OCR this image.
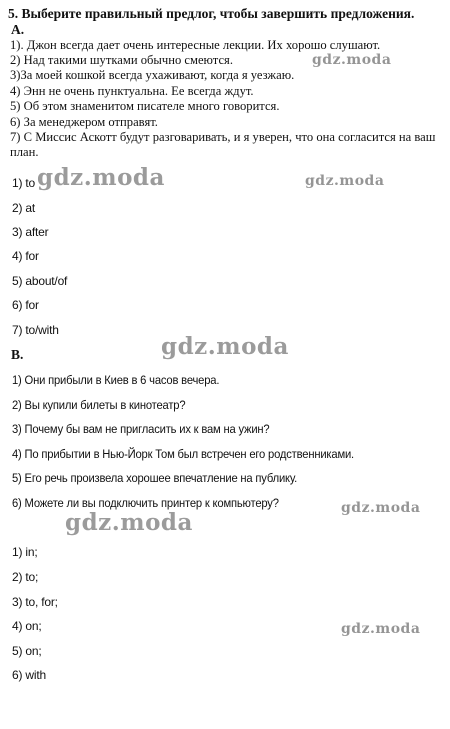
5. Выберите правильный предлог, чтобы завершить предложения.
A.
1). Джон всегда дает очень интересные лекции. Их хорошо слушают.
2) Над такими шутками обычно смеются.
3)За моей кошкой всегда ухаживают, когда я уезжаю.
4) Энн не очень пунктуальна. Ее всегда ждут.
5) Об этом знаменитом писателе много говорится.
6) За менеджером отправят.
7) С Миссис Аскотт будут разговаривать, и я уверен, что она согласится на ваш план.
1) to
2) at
3) after
4) for
5) about/of
6) for
7) to/with
B.
1) Они прибыли в Киев в 6 часов вечера.
2) Вы купили билеты в кинотеатр?
3) Почему бы вам не пригласить их к вам на ужин?
4) По прибытии в Нью-Йорк Том был встречен его родственниками.
5) Его речь произвела хорошее впечатление на публику.
6) Можете ли вы подключить принтер к компьютеру?
1) in;
2) to;
3) to, for;
4) on;
5) on;
6) with
gdz.moda
gdz.moda	gdz.moda
gdz.moda
gdz.moda
gdz.moda
gdz.moda
